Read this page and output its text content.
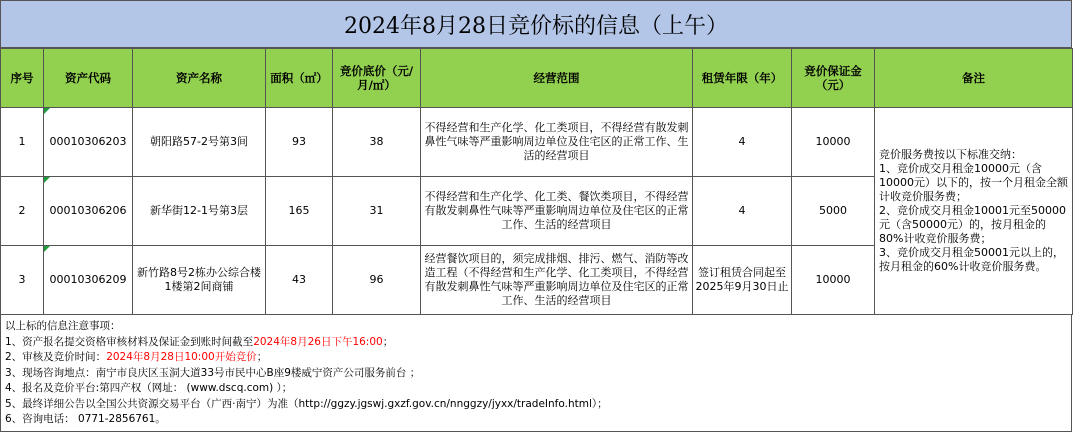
2024年8月28日竞价标的信息（上午）
序号	资产代码	资产名称	面积（㎡）	竞价底价（元/月/㎡）	经营范围	租赁年限（年）	竞价保证金（元）	备注
1	00010306203	朝阳路57-2号第3间	93	38	不得经营和生产化学、化工类项目，不得经营有散发刺鼻性气味等严重影响周边单位及住宅区的正常工作、生活的经营项目	4	10000	竞价服务费按以下标准交纳：
1、竞价成交月租金10000元（含10000元）以下的，按一个月租金全额计收竞价服务费；
2、竞价成交月租金10001元至50000元（含50000元）的，按月租金的80%计收竞价服务费；
3、竞价成交月租金50001元以上的，按月租金的60%计收竞价服务费。

2	00010306206	新华街12-1号第3层	165	31	不得经营和生产化学、化工类、餐饮类项目，不得经营有散发刺鼻性气味等严重影响周边单位及住宅区的正常工作、生活的经营项目	4	5000	
3	00010306209	新竹路8号2栋办公综合楼1楼第2间商铺	43	96	经营餐饮项目的，须完成排烟、排污、燃气、消防等改造工程（不得经营和生产化学、化工类项目，不得经营有散发刺鼻性气味等严重影响周边单位及住宅区的正常工作、生活的经营项目	签订租赁合同起至2025年9月30日止	10000	
以上标的信息注意事项：
1、资产报名提交资格审核材料及保证金到账时间截至2024年8月26日下午16:00；
2、审核及竞价时间：2024年8月28日10:00开始竞价；
3、现场咨询地点：南宁市良庆区玉洞大道33号市民中心B座9楼威宁资产公司服务前台 ；
4、报名及竞价平台:第四产权（网址： (www.dscq.com) ）；
5、最终详细公告以全国公共资源交易平台（广西·南宁）为准（http://ggzy.jgswj.gxzf.gov.cn/nnggzy/jyxx/tradeInfo.html）；
6、咨询电话： 0771-2856761。
